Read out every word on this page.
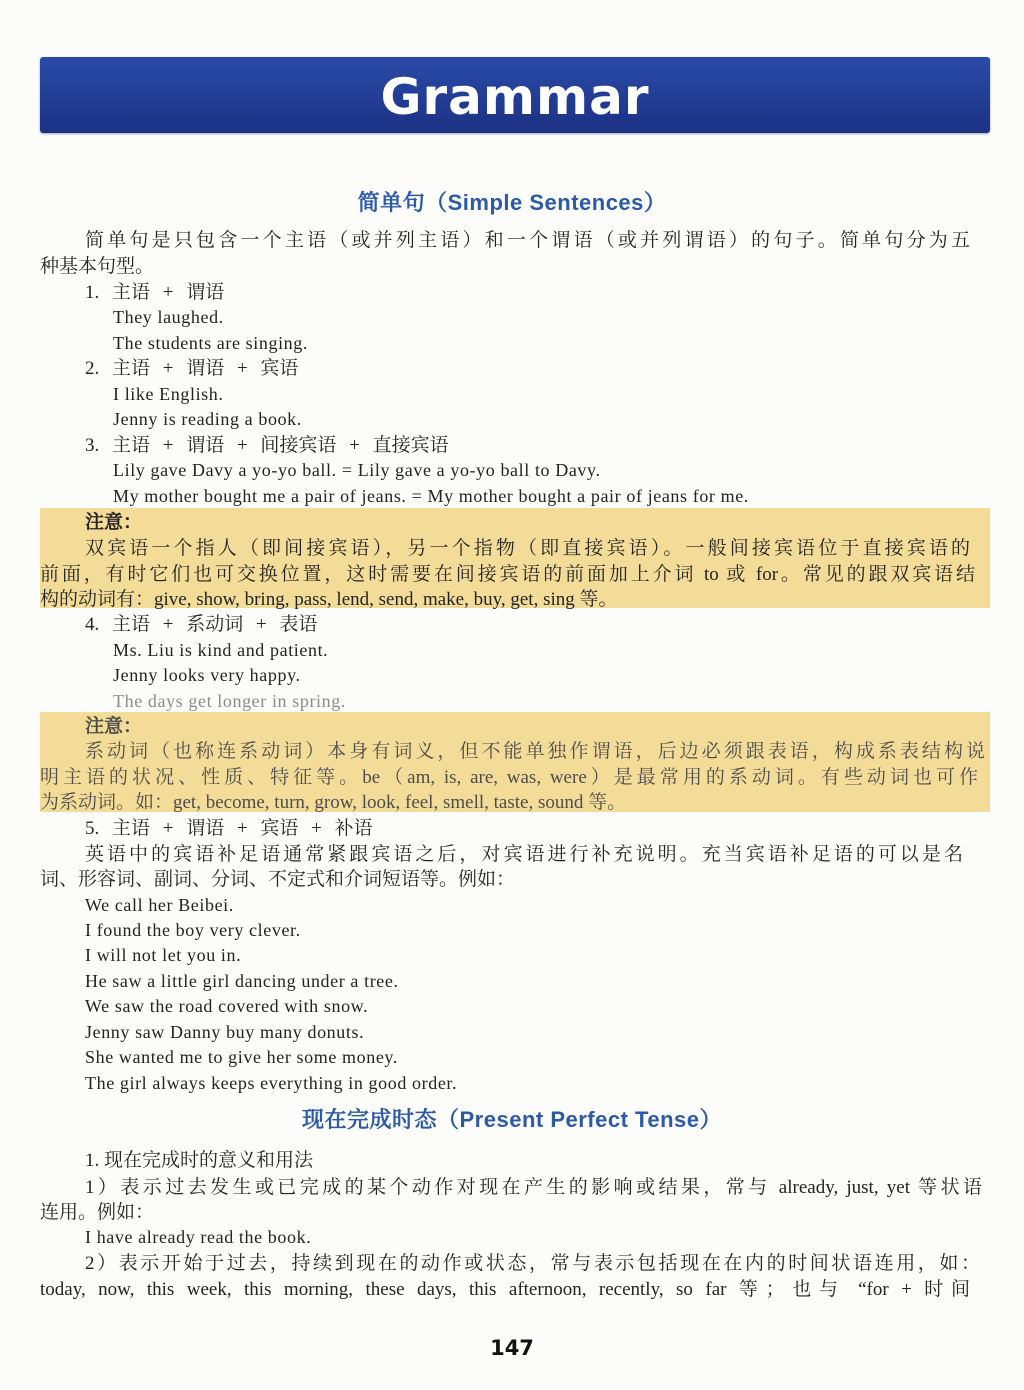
Grammar
简单句（Simple Sentences）
简单句是只包含一个主语（或并列主语）和一个谓语（或并列谓语）的句子。简单句分为五
种基本句型。
1. 主语 + 谓语
They laughed.
The students are singing.
2. 主语 + 谓语 + 宾语
I like English.
Jenny is reading a book.
3. 主语 + 谓语 + 间接宾语 + 直接宾语
Lily gave Davy a yo-yo ball. = Lily gave a yo-yo ball to Davy.
My mother bought me a pair of jeans. = My mother bought a pair of jeans for me.
注意：
双宾语一个指人（即间接宾语），另一个指物（即直接宾语）。一般间接宾语位于直接宾语的
前面，有时它们也可交换位置，这时需要在间接宾语的前面加上介词 to 或 for。常见的跟双宾语结
构的动词有：give, show, bring, pass, lend, send, make, buy, get, sing 等。
4. 主语 + 系动词 + 表语
Ms. Liu is kind and patient.
Jenny looks very happy.
The days get longer in spring.
注意：
系动词（也称连系动词）本身有词义，但不能单独作谓语，后边必须跟表语，构成系表结构说
明主语的状况、性质、特征等。be（am, is, are, was, were）是最常用的系动词。有些动词也可作
为系动词。如：get, become, turn, grow, look, feel, smell, taste, sound 等。
5. 主语 + 谓语 + 宾语 + 补语
英语中的宾语补足语通常紧跟宾语之后，对宾语进行补充说明。充当宾语补足语的可以是名
词、形容词、副词、分词、不定式和介词短语等。例如：
We call her Beibei.
I found the boy very clever.
I will not let you in.
He saw a little girl dancing under a tree.
We saw the road covered with snow.
Jenny saw Danny buy many donuts.
She wanted me to give her some money.
The girl always keeps everything in good order.
现在完成时态（Present Perfect Tense）
1. 现在完成时的意义和用法
1）表示过去发生或已完成的某个动作对现在产生的影响或结果，常与 already, just, yet 等状语
连用。例如：
I have already read the book.
2）表示开始于过去，持续到现在的动作或状态，常与表示包括现在在内的时间状语连用，如：
today, now, this week, this morning, these days, this afternoon, recently, so far 等；也与 “for + 时间
147
